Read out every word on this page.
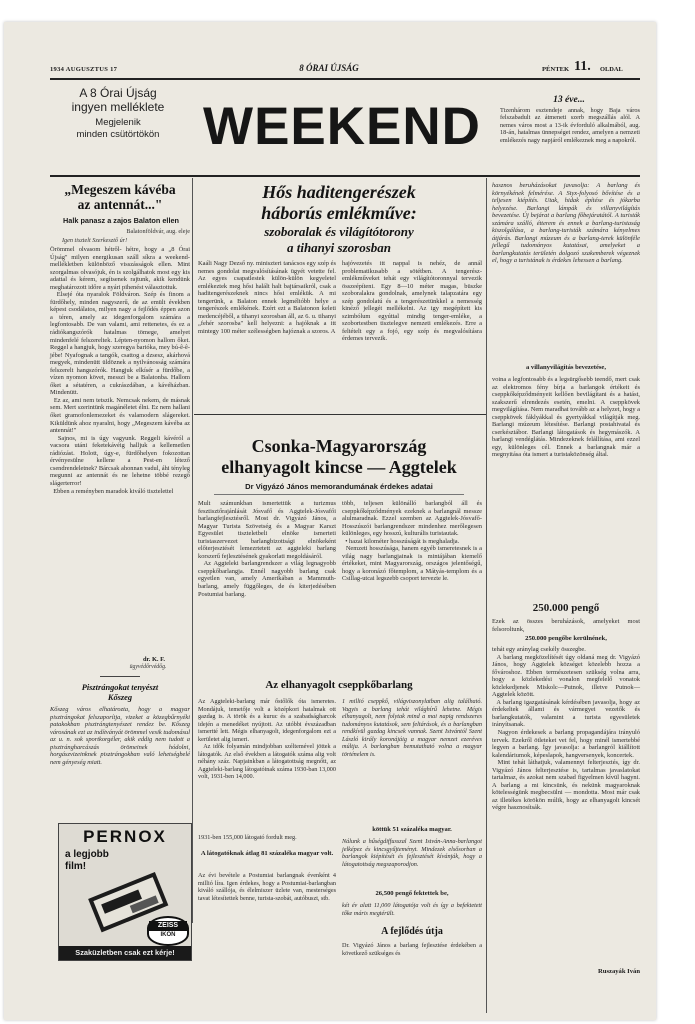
1934 AUGUSZTUS 17	8 ÓRAI ÚJSÁG	PÉNTEK 11.	OLDAL
A 8 Órai Újság
ingyen melléklete
Megjelenik
minden csütörtökön WEEKEND	13 éve...
Tizenhárom esztendeje annak, hogy Baja város felszabadult az átmeneti szerb megszállás alól. A nemes város most a 13-ik évforduló alkalmából, aug. 18-án, hatalmas ünnepséget rendez, amelyen a nemzeti emlékezés nagy napjáról emlékeznek meg a napokról.
„Megeszem kávéba
az antennát..."
Halk panasz a zajos Balaton ellen
Balatonföldvár, aug. eleje
Igen tisztelt Szerkesztő úr!
Örömmel olvasom hétről- hétre, hogy a „8 Órai Újság" milyen energikusan száll síkra a weekend-mellékletben különböző visszásságok ellen. Mint szorgalmas olvasójuk, én is szolgálhatok most egy kis adattal és kérem, segítsenek rajtunk, akik kendünk meghatározott időre a nyári pihenést választottuk.
Elsejé óta nyaralok Földváron. Szép és finom a fürdőhely, minden nagyszerű, de az emült években képest csodálatos, milyen nagy a fejlődés éppen azon a téren, amely az idegenforgalom számára a legfontosabb. De van valami, ami rettenetes, és ez a rádiókangszórók hatalmas tömege, amelyet mindenfelé felszereltek. Lépten-nyomon hallom őket. Reggel a hangjuk, hogy szeregya barióka, mey bú-ê-ê-jébe! Nyafognak a tangók, csattog a dzsesz, akárhová megyek, mindenütt üldöznek a nyilvánosság számára felszerelt hangszórók. Hangjuk elkísér a fürdőbe, a vízen nyomon követ, messzi be a Balatonba. Hallom őket a sétatéren, a cukrászdában, a kávéházban. Mindenütt.
Ez az, ami nem tetszik. Nemcsak nekem, de másnak sem. Mert szerintünk magánéletet élni. Ez nem hallani őket gramofonlemezeket és valamodern slágereket. Kiküldünk ahoz nyaralni, hogy „Megeszem kávéba az antennát!"
Sajnos, mi is úgy vagyunk. Reggeli kávéról a vacsora utáni feketekávéig halljuk a kellemetlen rádiózást. Holott, úgy-e, fürdőhelyen fokozottan érvényesülne kellene a Pest-en létező csendrendeletnek? Bárcsak ahonnan vadul, áhi tényleg megunni az antennát és ne lehetne többé rezegő slágerterror!
Ebben a reményben maradok kiváló tisztelettel
dr. K. F.
ügyvédőrvédőg.
Pisztrángokat tenyészt
Kőszeg
Kőszeg város elhatározta, hogy a magyar pisztrángokat felszaporítja, vizeket a közegbűrnyéki patakokban pisztrángtenyészet rendez be. Kőszeg városának ezt az indítványát örömmel vesik tudomásul az u. n. sok sportkorgéler, akik eddig nem tudott a pisztrángharcászás örömeinek hódolni, horgászvizeinknek pisztrángokban való lehetségbelé nem gényeség miatt.
PERNOX
a legjobb
film!
ZEISS
IKON
Szaküzletben csak ezt kérje!
Hős haditengerészek
háborús emlékműve:
szoboralak és világítótorony
a tihanyi szorosban
Kaáli Nagy Dezső ny. miniszteri tanácsos egy szép és nemes gondolat megvalósításának ügyét vetette fel. Az egyes csapatlestek külön-külön kegyeletel emlékeztek meg hősi halált halt bajtársaikról, csak a haditengerészeknek nincs hősi emlékük. A mi tengerünk, a Balaton ennek legméltóbb helye a tengerészek emlékének. Ezért ezt a Balatonon keleti medencéjéből, a tihanyi szorosban áll, az 6. u. tihanyi „fehér szorosba" kell helyezni: a hajóknak a itt mintegy 100 méter szélességben hajóznak a szoros. A
hajóvezetés itt nappal is nehéz, de annál problematikusabb a sötétben. A tengerész-emlékműveket tehát egy világítótoronnyal tervezik összeépíteni. Egy 8—10 méter magas, büszke szoboralakra gondolnak, amelynek talapzatára egy szép gondolatú és a tengerészetünkkel a nemesség kinéző jellegét mellékelni. Az igy megépített kis szimbólum egyúttal mindig tenger-emléke, a szobortestben tisztelegve nemzeti emlékezés. Erre a feltételt egy a fojó, egy szép és megvalósításra érdemes tervezik.
Csonka-Magyarország
elhanyagolt kincse — Aggtelek
Dr Vigyázó János memorandumának érdekes adatai
Mult számunkban ismertettük a turizmus fesztisztőrajánlását Jósvafő és Aggtelek-Jósvafői barlangfejlesztésről. Most dr. Vigyázó János, a Magyar Turista Szövetség és a Magyar Karszt Egyesület tiszteletbeli elnöke ismerteti turistaszervezet barlangbizottsági elnökeként előterjesztését lemezrtetett az aggteleki barlang korszerű fejlesztésének gyakorlati megoldásáról.
Az Aggteleki barlangrendszer a világ legnagyobb cseppkőbarlangja. Ennél nagyobb barlang csak egyetlen van, amely Amerikában a Mammuth-barlang, amely függőleges, de és kiterjedésében Postumiai barlang.
több, teljesen különálló barlangból áll és cseppkőképződmények ezeknek a barlangnál messze alulmaradnak. Ezzel szemben az Aggtelek-Jósvafő-Hosszúszói barlangrendszer mindenhez merőlegesen különleges, egy hosszú, kulturális turistautak.
• hazai kilométer hosszúságát is meghaladja.
Nemzeti hosszúsága, hanem egyéb ismeretesnek is a világ nagy barlangjainak is mintájában kiemelő értékeket, mint Magyarország, országos jelentőségű, hogy a koronázó főtemplom, a Mátyás-templom és a Csillag-utcai legszebb csoport tervezte le.
Az elhanyagolt cseppkőbarlang
Az Aggteleki-barlang már őstőlők óta ismeretes. Mondájuk, temetője volt a középkori hatalmak ott gazdag is. A török és a kuruc és a szabadságharcok idején a menedéket nyújtott. Az utóbbi évszázadban ismertté lett. Mégis elhanyagolt, idegenforgalom ezt a kerületet alig ismeri.
Az idők folyamán mindjobban széltemével jöttek a látogatók. Az első években a látogatók száma alig volt néhány száz. Napjainkban a látogatottság megnőtt, az Aggteleki-barlang látogatóinak száma 1930-ban 13,000 volt, 1931-ben 14,000.
1 millió cseppkő, világviszonylatban alig található. Vagyis a barlang tehát világhírű lehetne. Mégis elhanyagolt, nem folytak mind a mai napig rendszeres tudományos kutatások, sem feltárások, és a barlangban rendkívül gazdag kincsek vannak. Szent Istvántól Szent László király koronájáig a magyar nemzet ezeréves múltja. A barlangban bemutatható volna a magyar történelem is.
1931-ben 155,000 látogató fordult meg.
A látogatóknak átlag 81 százaléka magyar volt.
Az évi bevétele a Postumiai barlangnak évenként 4 millió líra. Igen érdekes, hogy a Postumiai-barlangban kiváló szállója, és élelmiszer üzlete van, mesterséges tavat létesítettek benne, turista-szobát, autóbuszt, stb.
köttük 51 százaléka magyar.
Nálunk a hűségdiffusszal Szent István-Anna-barlangot jelképez és kincsgyűjteményt. Mindezek elsősorban a barlangok kiépítését és fejlesztését kívánják, hogy a látogatottság megszaporodjon.
26,500 pengő fektettek be,
két év alatt 11,000 látogatója volt és így a befektetett tőke máris megtérült.
A fejlődés útja
Dr. Vigyázó János a barlang fejlesztése érdekében a következő szükséges és
hasznos beruházásokat javasolja: A barlang és környékének felmérése. A Styx-folyosó bővítése és a teljesen kiépítés. Utak, hidak építése és jókarba helyezése. Barlangi lámpák és villanyvilágítás bevezetése. Új bejárat a barlang főbejáratától. A turisták számára szálló, étterem és ennek a barlang-turistaság kiszolgálása, a barlang-turisták számára kényelmes átjárás. Barlangi múzeum és a barlang-terek különféle jellegű tudományos kutatásai, amelyeket a barlangkutatás területén dolgozó szakemberek végeznek el, hogy a turistának is érdekes lehessen a barlang.
a villanyvilágítás bevezetése,
voina a legfontosabb és a legsürgősebb teendő, mert csak az elektromos fény bírja a barlangok értékeit és cseppkőképződményeit kellően bevilágítani és a hatást, szakszerű elrendezés esetén, emelni. A cseppkövek megvilágítása. Nem maradhat tovább az a helyzet, hogy a cseppkövek fáklyákkal és gyertyákkal világítják meg. Barlangi múzeum létesítése. Barlangi postahivatal és cserkésztábor. Barlangi látogatások és hegymászók. A barlangi vendéglátás. Mindezeknek felállítása, ami ezzel egy, különleges cél. Ennek a barlangnak már a megnyitása óta ismert a turistaközönség által.
250.000 pengő
Ezek az összes beruházások, amelyeket most felsoroltunk,
250.000 pengőbe kerülnének,
tehát egy aránylag csekély összegbe.
A barlang megközelítését úgy oldaná meg dr. Vigyázó János, hogy Aggtelek községet közelebb hozza a fővároshoz. Ebben természetesen szükség volna arra, hogy a közlekedési vonalon megfelelő vonatok közlekedjenek Miskolc—Putnok, illetve Putnok—Aggtelek között.
A barlang igazgatásának kérdésében javasolja, hogy az érdekeltek állami és vármegyei vezetők és barlangkutatók, valamint a turista egyesületek irányítsanak.
Nagyon érdekesek a barlang propagandájára irányuló tervek. Ezekről ötleteket vet fel, hogy minél ismertebbé legyen a barlang. Így javasolja: a barlangról kiállított kalendáriumok, képeslapok, hangversenyek, koncertek.
Mint tehát láthatjuk, valamennyi felterjesztés, így dr. Vigyázó János felterjesztése is, tartalmas javaslatokat tartalmaz, és azokat nem szabad figyelmen kívül hagyni. A barlang a mi kincsünk, és nekünk magyaroknak kötelességünk megbecsülni — mondotta. Most már csak az illetékes körökön múlik, hogy az elhanyagolt kincsét végre hasznosítsák.
Ruszayák Iván
